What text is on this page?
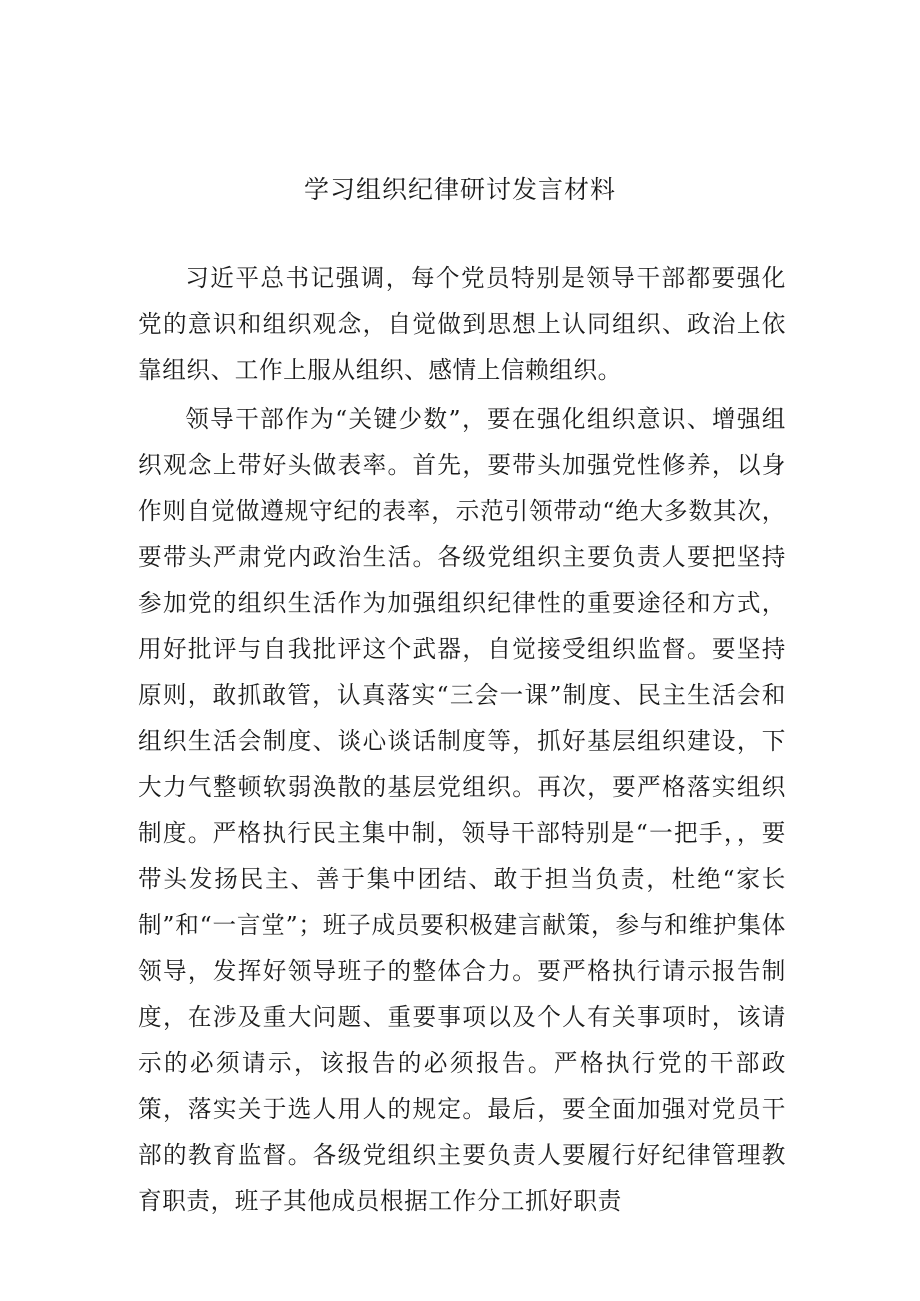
学习组织纪律研讨发言材料

习近平总书记强调，每个党员特别是领导干部都要强化党的意识和组织观念，自觉做到思想上认同组织、政治上依靠组织、工作上服从组织、感情上信赖组织。

领导干部作为“关键少数”，要在强化组织意识、增强组织观念上带好头做表率。首先，要带头加强党性修养，以身作则自觉做遵规守纪的表率，示范引领带动“绝大多数其次，要带头严肃党内政治生活。各级党组织主要负责人要把坚持参加党的组织生活作为加强组织纪律性的重要途径和方式，用好批评与自我批评这个武器，自觉接受组织监督。要坚持原则，敢抓敢管，认真落实“三会一课”制度、民主生活会和组织生活会制度、谈心谈话制度等，抓好基层组织建设，下大力气整顿软弱涣散的基层党组织。再次，要严格落实组织制度。严格执行民主集中制，领导干部特别是“一把手，，要带头发扬民主、善于集中团结、敢于担当负责，杜绝“家长制”和“一言堂”；班子成员要积极建言献策，参与和维护集体领导，发挥好领导班子的整体合力。要严格执行请示报告制度，在涉及重大问题、重要事项以及个人有关事项时，该请示的必须请示，该报告的必须报告。严格执行党的干部政策，落实关于选人用人的规定。最后，要全面加强对党员干部的教育监督。各级党组织主要负责人要履行好纪律管理教育职责，班子其他成员根据工作分工抓好职责
